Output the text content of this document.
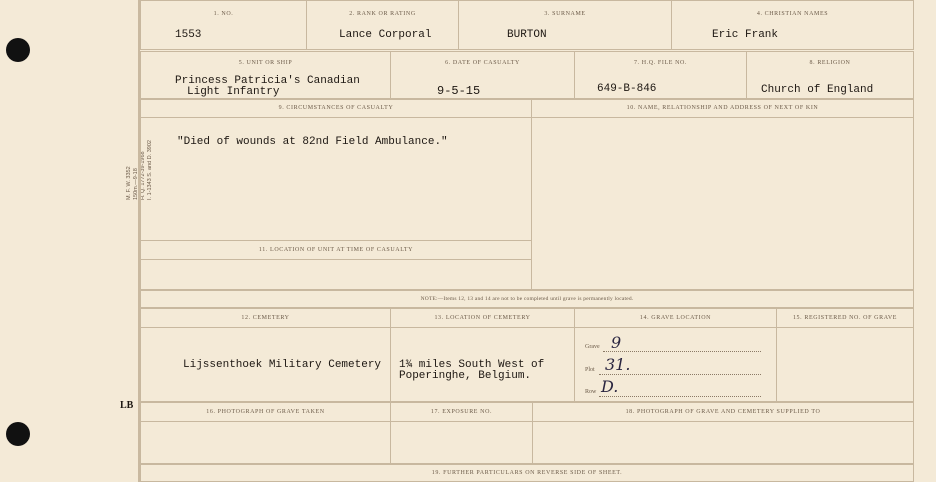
M. F. W. 3352 150m.—9-18 H. Q. 1772-39-1968 I. 1-1343 S. and D. 3902
LB
1. NO.
1553
2. RANK OR RATING
Lance Corporal
3. SURNAME
BURTON
4. CHRISTIAN NAMES
Eric Frank
5. UNIT OR SHIP
Princess Patricia's Canadian
Light Infantry
6. DATE OF CASUALTY
9-5-15
7. H.Q. FILE NO.
649-B-846
8. RELIGION
Church of England
9. CIRCUMSTANCES OF CASUALTY
"Died of wounds at 82nd Field Ambulance."
11. LOCATION OF UNIT AT TIME OF CASUALTY
10. NAME, RELATIONSHIP AND ADDRESS OF NEXT OF KIN
NOTE:—Items 12, 13 and 14 are not to be completed until grave is permanently located.
12. CEMETERY
Lijssenthoek Military Cemetery
13. LOCATION OF CEMETERY
1¾ miles South West of
Poperinghe, Belgium.
14. GRAVE LOCATION
Grave 9
Plot 31.
Row D.
15. REGISTERED NO. OF GRAVE
16. PHOTOGRAPH OF GRAVE TAKEN	17. EXPOSURE NO.	18. PHOTOGRAPH OF GRAVE AND CEMETERY SUPPLIED TO
19. FURTHER PARTICULARS ON REVERSE SIDE OF SHEET.
